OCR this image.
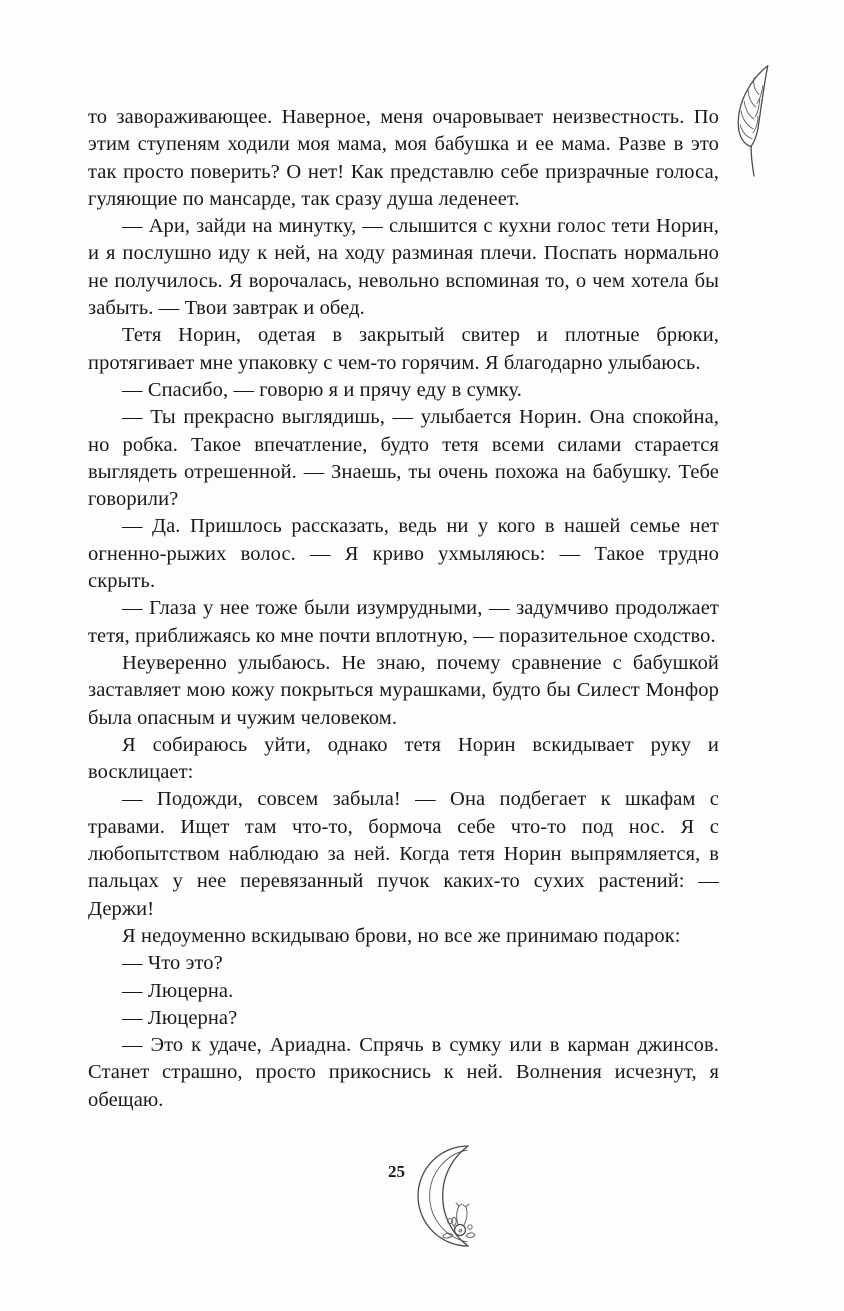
то завораживающее. Наверное, меня очаровывает неизвестность. По этим ступеням ходили моя мама, моя бабушка и ее мама. Разве в это так просто поверить? О нет! Как представлю себе призрачные голоса, гуляющие по мансарде, так сразу душа леденеет.

— Ари, зайди на минутку, — слышится с кухни голос тети Норин, и я послушно иду к ней, на ходу разминая плечи. Поспать нормально не получилось. Я ворочалась, невольно вспоминая то, о чем хотела бы забыть. — Твои завтрак и обед.

Тетя Норин, одетая в закрытый свитер и плотные брюки, протягивает мне упаковку с чем-то горячим. Я благодарно улыбаюсь.

— Спасибо, — говорю я и прячу еду в сумку.

— Ты прекрасно выглядишь, — улыбается Норин. Она спокойна, но робка. Такое впечатление, будто тетя всеми силами старается выглядеть отрешенной. — Знаешь, ты очень похожа на бабушку. Тебе говорили?

— Да. Пришлось рассказать, ведь ни у кого в нашей семье нет огненно-рыжих волос. — Я криво ухмыляюсь: — Такое трудно скрыть.

— Глаза у нее тоже были изумрудными, — задумчиво продолжает тетя, приближаясь ко мне почти вплотную, — поразительное сходство.

Неуверенно улыбаюсь. Не знаю, почему сравнение с бабушкой заставляет мою кожу покрыться мурашками, будто бы Силест Монфор была опасным и чужим человеком.

Я собираюсь уйти, однако тетя Норин вскидывает руку и восклицает:

— Подожди, совсем забыла! — Она подбегает к шкафам с травами. Ищет там что-то, бормоча себе что-то под нос. Я с любопытством наблюдаю за ней. Когда тетя Норин выпрямляется, в пальцах у нее перевязанный пучок каких-то сухих растений: — Держи!

Я недоуменно вскидываю брови, но все же принимаю подарок:

— Что это?

— Люцерна.

— Люцерна?

— Это к удаче, Ариадна. Спрячь в сумку или в карман джинсов. Станет страшно, просто прикоснись к ней. Волнения исчезнут, я обещаю.

25
